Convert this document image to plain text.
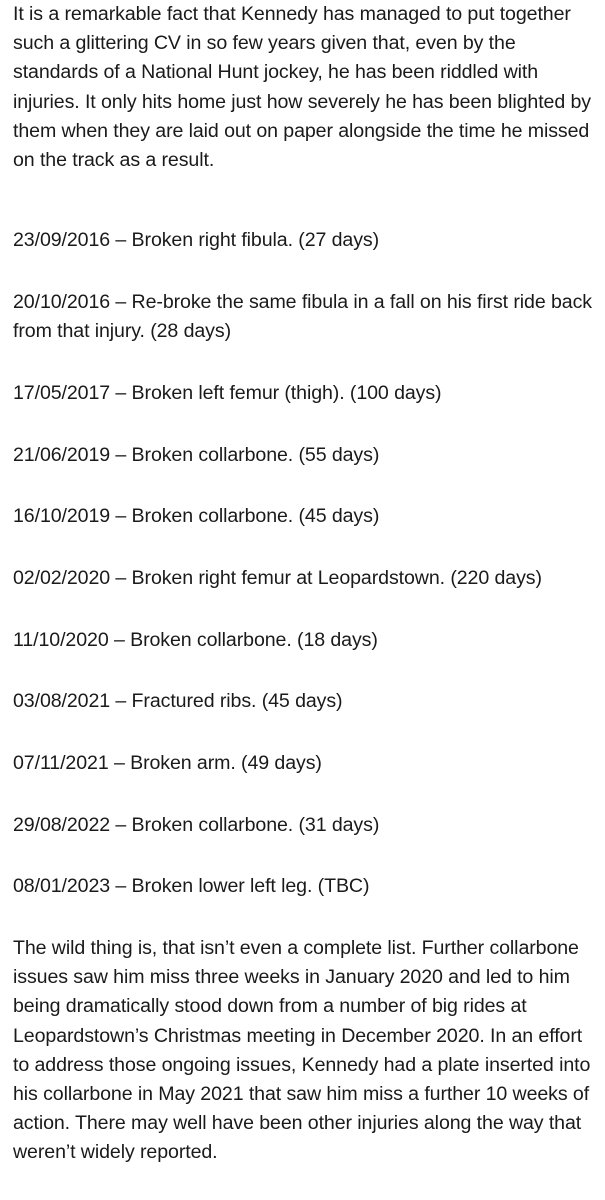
It is a remarkable fact that Kennedy has managed to put together
such a glittering CV in so few years given that, even by the
standards of a National Hunt jockey, he has been riddled with
injuries. It only hits home just how severely he has been blighted by
them when they are laid out on paper alongside the time he missed
on the track as a result.

23/09/2016 – Broken right fibula. (27 days)
20/10/2016 – Re-broke the same fibula in a fall on his first ride back
from that injury. (28 days)
17/05/2017 – Broken left femur (thigh). (100 days)
21/06/2019 – Broken collarbone. (55 days)
16/10/2019 – Broken collarbone. (45 days)
02/02/2020 – Broken right femur at Leopardstown. (220 days)
11/10/2020 – Broken collarbone. (18 days)
03/08/2021 – Fractured ribs. (45 days)
07/11/2021 – Broken arm. (49 days)
29/08/2022 – Broken collarbone. (31 days)
08/01/2023 – Broken lower left leg. (TBC)

The wild thing is, that isn’t even a complete list. Further collarbone
issues saw him miss three weeks in January 2020 and led to him
being dramatically stood down from a number of big rides at
Leopardstown’s Christmas meeting in December 2020. In an effort
to address those ongoing issues, Kennedy had a plate inserted into
his collarbone in May 2021 that saw him miss a further 10 weeks of
action. There may well have been other injuries along the way that
weren’t widely reported.
